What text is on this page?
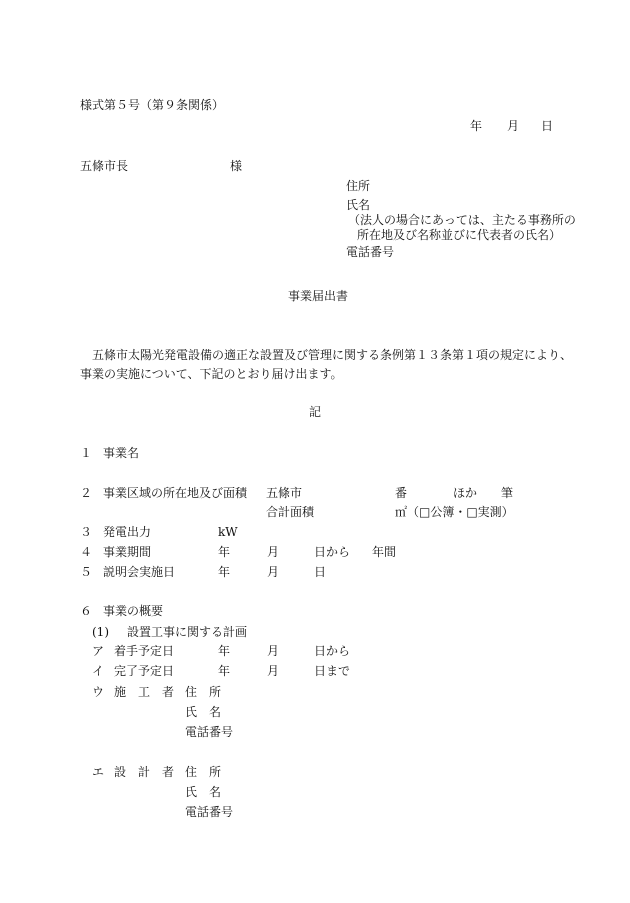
様式第５号（第９条関係）
年 月 日
五條市長	様
住所
氏名
（法人の場合にあっては、主たる事務所の
所在地及び名称並びに代表者の氏名）
電話番号
事業届出書
五條市太陽光発電設備の適正な設置及び管理に関する条例第１３条第１項の規定により、
事業の実施について、下記のとおり届け出ます。
記
１ 事業名
２ 事業区域の所在地及び面積 五條市	番	ほか 筆
合計面積	㎡（□公簿・□実測）
３ 発電出力	kW
４ 事業期間	年	月	日から 年間
５ 説明会実施日	年	月	日
６ 事業の概要
(1) 設置工事に関する計画
ア 着手予定日	年	月	日から
イ 完了予定日	年	月	日まで
ウ 施　工　者 住　所
氏　名
電話番号
エ 設　計　者 住　所
氏　名
電話番号
